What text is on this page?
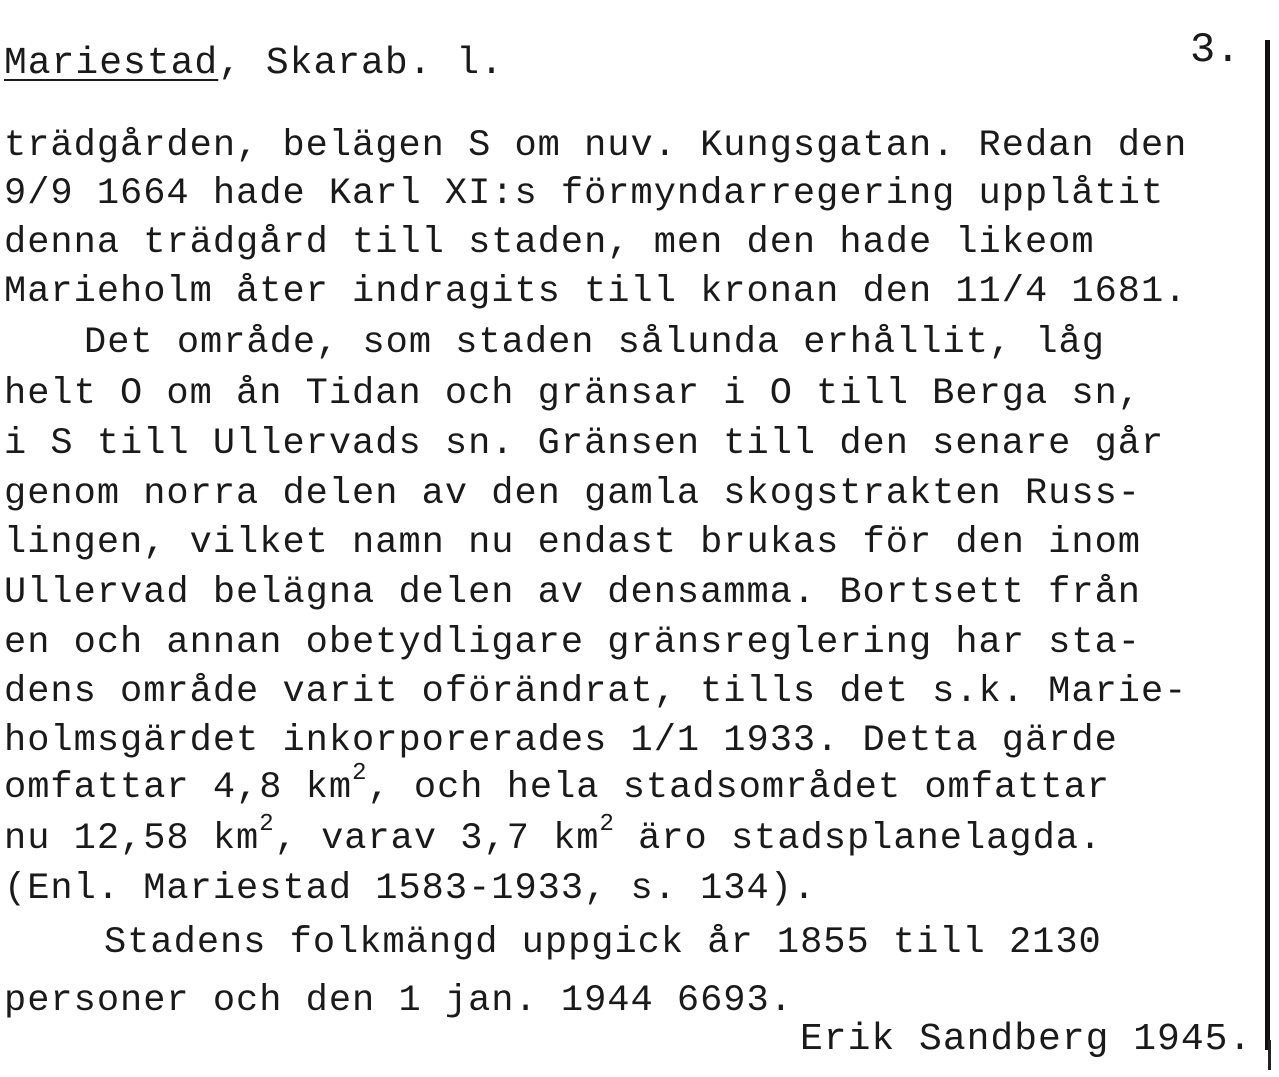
Mariestad, Skarab. l.	3.
trädgården, belägen S om nuv. Kungsgatan. Redan den
9/9 1664 hade Karl XI:s förmyndarregering upplåtit
denna trädgård till staden, men den hade likeom
Marieholm åter indragits till kronan den 11/4 1681.
Det område, som staden sålunda erhållit, låg
helt O om ån Tidan och gränsar i O till Berga sn,
i S till Ullervads sn. Gränsen till den senare går
genom norra delen av den gamla skogstrakten Russ-
lingen, vilket namn nu endast brukas för den inom
Ullervad belägna delen av densamma. Bortsett från
en och annan obetydligare gränsreglering har sta-
dens område varit oförändrat, tills det s.k. Marie-
holmsgärdet inkorporerades 1/1 1933. Detta gärde
omfattar 4,8 $km^2$, och hela stadsområdet omfattar
nu 12,58 $km^2$, varav 3,7 $km^2$ äro stadsplanelagda.
(Enl. Mariestad 1583-1933, s. 134).
Stadens folkmängd uppgick år 1855 till 2130
personer och den 1 jan. 1944 6693.
Erik Sandberg 1945.
